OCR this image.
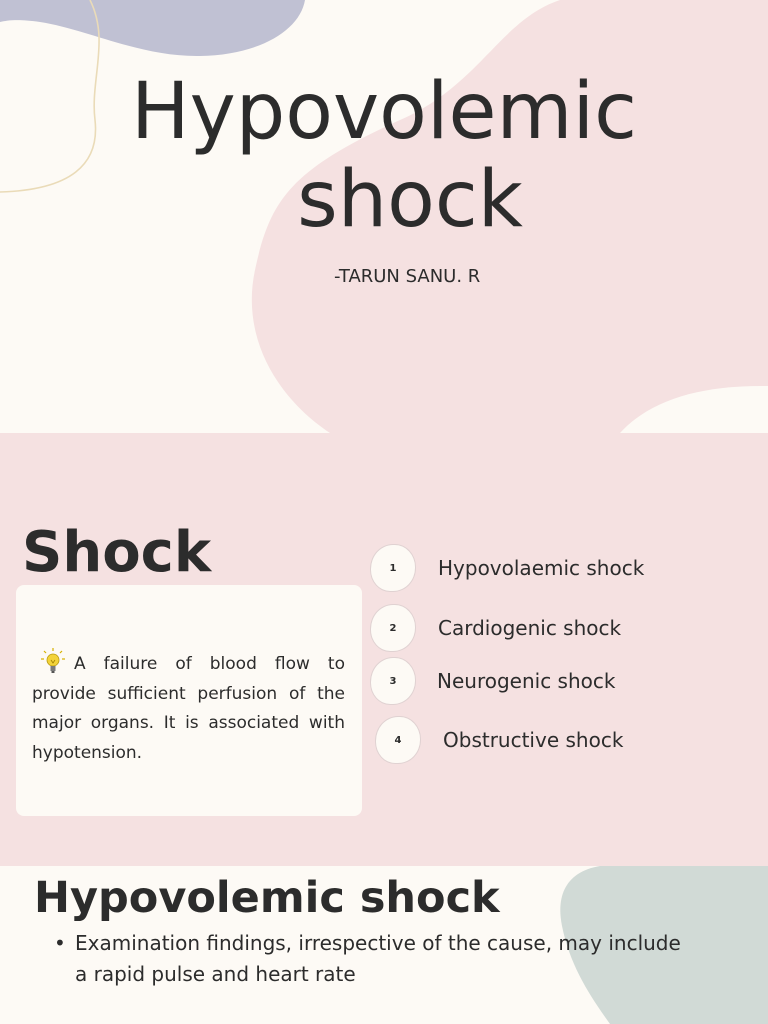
Hypovolemic
shock
-TARUN SANU. R
Shock

A failure of blood flow to provide sufficient perfusion of the major organs. It is associated with hypotension.

1	Hypovolaemic shock
2	Cardiogenic shock
3	Neurogenic shock
4	Obstructive shock
Hypovolemic shock
• Examination findings, irrespective of the cause, may include a rapid pulse and heart rate
